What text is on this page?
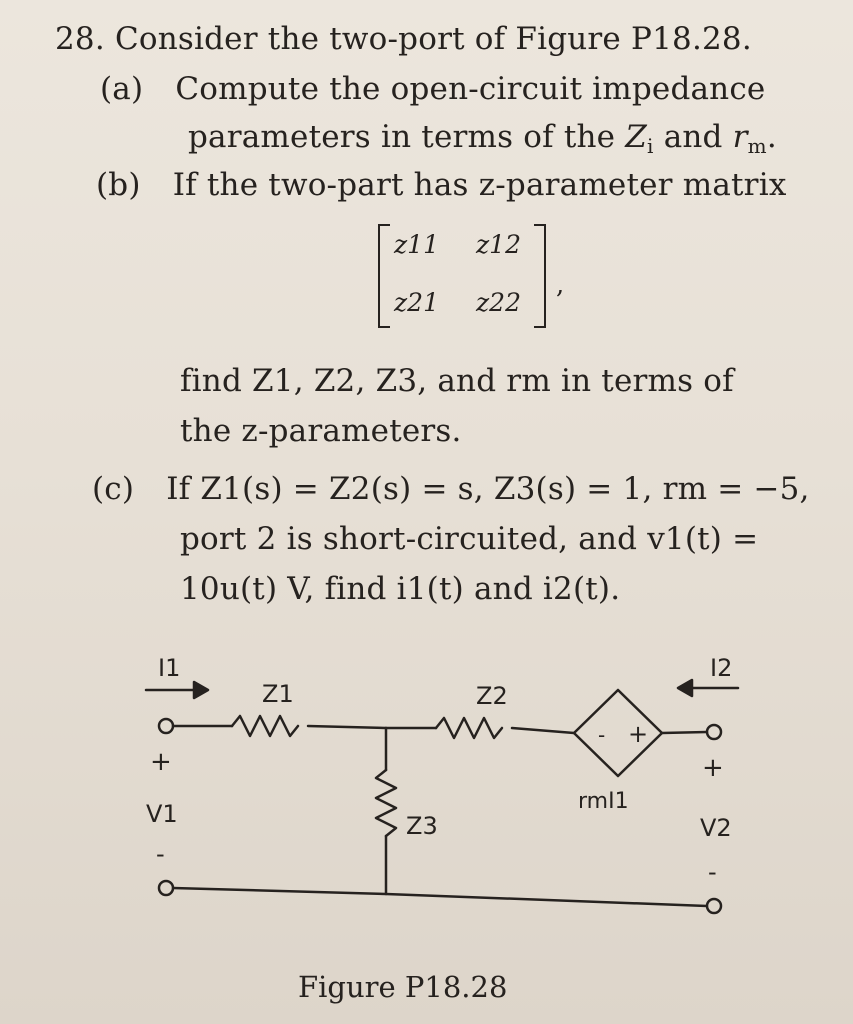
28. Consider the two-port of Figure P18.28.
(a) Compute the open-circuit impedance
parameters in terms of the $Z_i$ and $r_m$.
(b) If the two-part has z-parameter matrix
z11 z12
z21 z22
,
find Z1, Z2, Z3, and rm in terms of
the z-parameters.
(c) If Z1(s) = Z2(s) = s, Z3(s) = 1, rm = −5,
port 2 is short-circuited, and v1(t) =
10u(t) V, find i1(t) and i2(t).
I1	I2
Z1	Z2
Z3
rmI1
+
-
+
V1
-
+
V2
-
Figure P18.28
